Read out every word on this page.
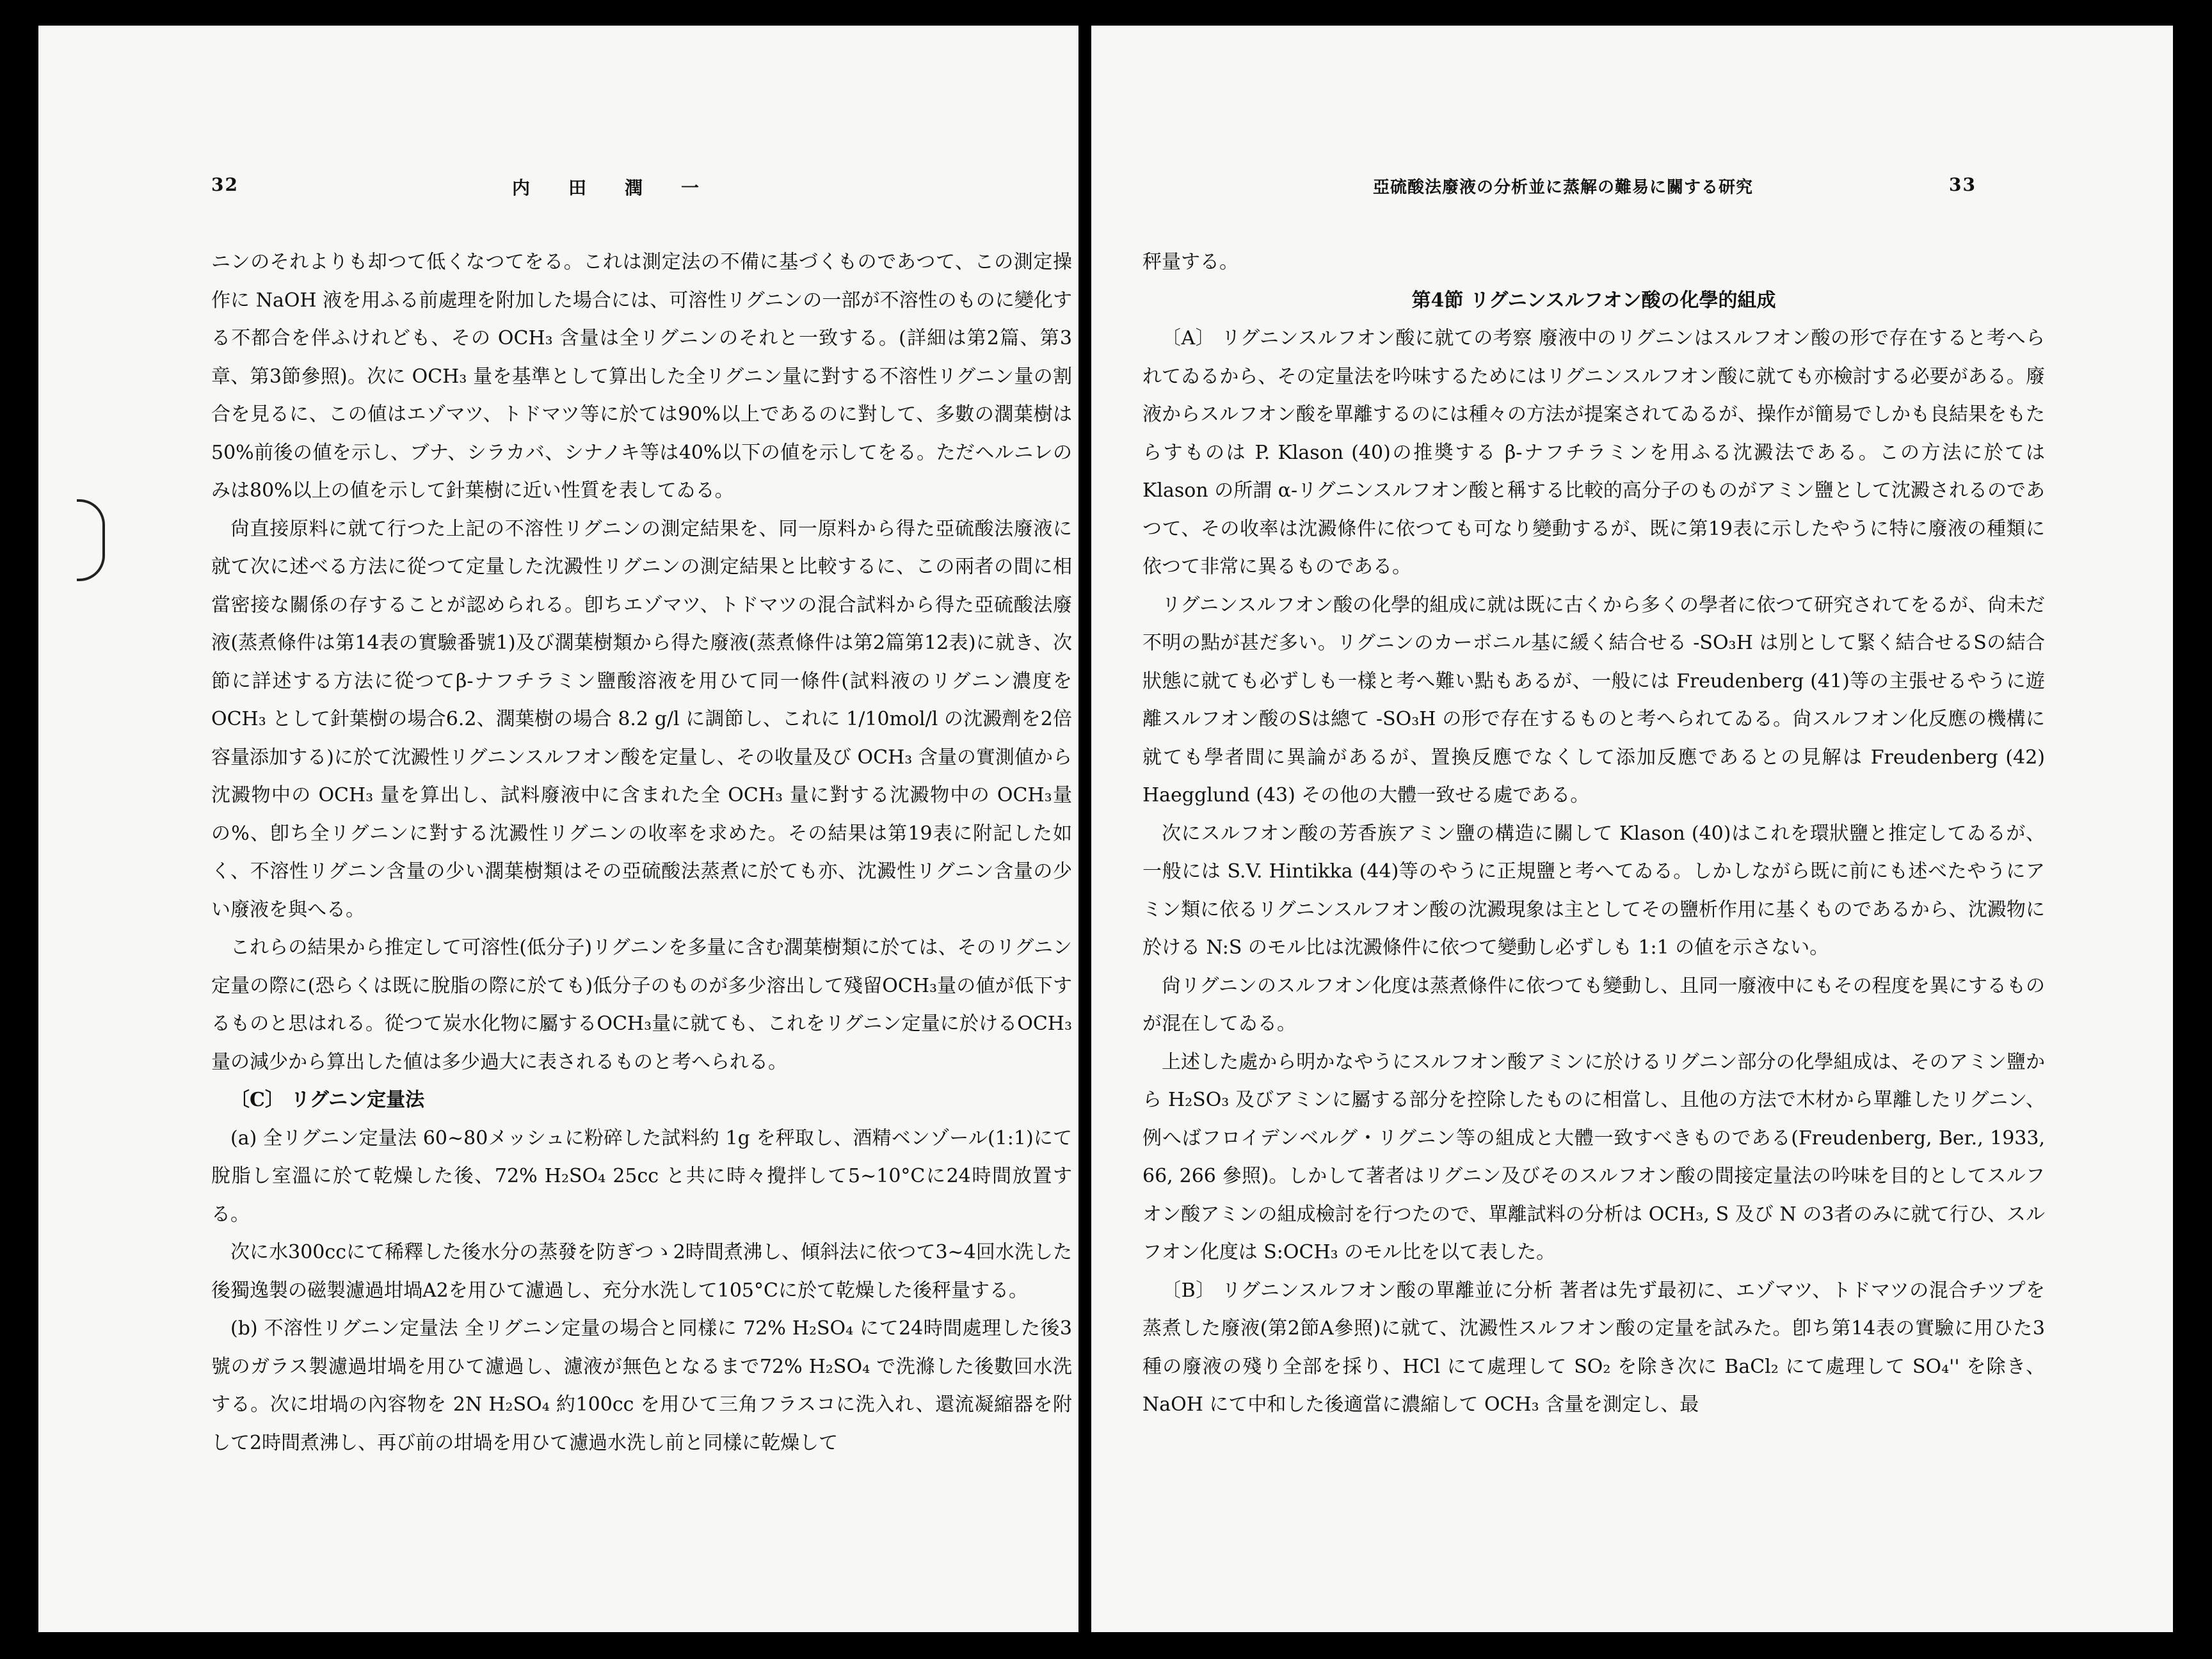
32	内田潤一

ニンのそれよりも却つて低くなつてをる。これは測定法の不備に基づくものであつて、この測定操作に NaOH 液を用ふる前處理を附加した場合には、可溶性リグニンの一部が不溶性のものに變化する不都合を伴ふけれども、その OCH₃ 含量は全リグニンのそれと一致する。(詳細は第2篇、第3章、第3節參照)。次に OCH₃ 量を基準として算出した全リグニン量に對する不溶性リグニン量の割合を見るに、この値はエゾマツ、トドマツ等に於ては90%以上であるのに對して、多數の濶葉樹は50%前後の値を示し、ブナ、シラカバ、シナノキ等は40%以下の値を示してをる。ただヘルニレのみは80%以上の値を示して針葉樹に近い性質を表してゐる。

尙直接原料に就て行つた上記の不溶性リグニンの測定結果を、同一原料から得た亞硫酸法廢液に就て次に述べる方法に從つて定量した沈澱性リグニンの測定結果と比較するに、この兩者の間に相當密接な關係の存することが認められる。卽ちエゾマツ、トドマツの混合試料から得た亞硫酸法廢液(蒸煮條件は第14表の實驗番號1)及び濶葉樹類から得た廢液(蒸煮條件は第2篇第12表)に就き、次節に詳述する方法に從つてβ-ナフチラミン鹽酸溶液を用ひて同一條件(試料液のリグニン濃度を OCH₃ として針葉樹の場合6.2、濶葉樹の場合 8.2 g/l に調節し、これに 1/10mol/l の沈澱劑を2倍容量添加する)に於て沈澱性リグニンスルフオン酸を定量し、その收量及び OCH₃ 含量の實測値から沈澱物中の OCH₃ 量を算出し、試料廢液中に含まれた全 OCH₃ 量に對する沈澱物中の OCH₃量の%、卽ち全リグニンに對する沈澱性リグニンの收率を求めた。その結果は第19表に附記した如く、不溶性リグニン含量の少い濶葉樹類はその亞硫酸法蒸煮に於ても亦、沈澱性リグニン含量の少い廢液を與へる。

これらの結果から推定して可溶性(低分子)リグニンを多量に含む濶葉樹類に於ては、そのリグニン定量の際に(恐らくは既に脫脂の際に於ても)低分子のものが多少溶出して殘留OCH₃量の値が低下するものと思はれる。從つて炭水化物に屬するOCH₃量に就ても、これをリグニン定量に於けるOCH₃量の減少から算出した値は多少過大に表されるものと考へられる。

〔C〕 リグニン定量法

(a) 全リグニン定量法 60~80メッシュに粉碎した試料約 1g を秤取し、酒精ベンゾール(1:1)にて脫脂し室溫に於て乾燥した後、72% H₂SO₄ 25cc と共に時々攪拌して5~10°Cに24時間放置する。

次に水300ccにて稀釋した後水分の蒸發を防ぎつゝ2時間煮沸し、傾斜法に依つて3~4回水洗した後獨逸製の磁製濾過坩堝A2を用ひて濾過し、充分水洗して105°Cに於て乾燥した後秤量する。

(b) 不溶性リグニン定量法 全リグニン定量の場合と同樣に 72% H₂SO₄ にて24時間處理した後3號のガラス製濾過坩堝を用ひて濾過し、濾液が無色となるまで72% H₂SO₄ で洗滌した後數回水洗する。次に坩堝の內容物を 2N H₂SO₄ 約100cc を用ひて三角フラスコに洗入れ、還流凝縮器を附して2時間煮沸し、再び前の坩堝を用ひて濾過水洗し前と同樣に乾燥して

亞硫酸法廢液の分析並に蒸解の難易に關する研究	33

秤量する。

第4節 リグニンスルフオン酸の化學的組成

〔A〕 リグニンスルフオン酸に就ての考察 廢液中のリグニンはスルフオン酸の形で存在すると考へられてゐるから、その定量法を吟味するためにはリグニンスルフオン酸に就ても亦檢討する必要がある。廢液からスルフオン酸を單離するのには種々の方法が提案されてゐるが、操作が簡易でしかも良結果をもたらすものは P. Klason (40)の推奬する β-ナフチラミンを用ふる沈澱法である。この方法に於ては Klason の所謂 α-リグニンスルフオン酸と稱する比較的高分子のものがアミン鹽として沈澱されるのであつて、その收率は沈澱條件に依つても可なり變動するが、既に第19表に示したやうに特に廢液の種類に依つて非常に異るものである。

リグニンスルフオン酸の化學的組成に就は既に古くから多くの學者に依つて研究されてをるが、尙未だ不明の點が甚だ多い。リグニンのカーボニル基に緩く結合せる -SO₃H は別として緊く結合せるSの結合狀態に就ても必ずしも一樣と考へ難い點もあるが、一般には Freudenberg (41)等の主張せるやうに遊離スルフオン酸のSは總て -SO₃H の形で存在するものと考へられてゐる。尙スルフオン化反應の機構に就ても學者間に異論があるが、置換反應でなくして添加反應であるとの見解は Freudenberg (42) Haegglund (43) その他の大體一致せる處である。

次にスルフオン酸の芳香族アミン鹽の構造に關して Klason (40)はこれを環狀鹽と推定してゐるが、一般には S.V. Hintikka (44)等のやうに正規鹽と考へてゐる。しかしながら既に前にも述べたやうにアミン類に依るリグニンスルフオン酸の沈澱現象は主としてその鹽析作用に基くものであるから、沈澱物に於ける N:S のモル比は沈澱條件に依つて變動し必ずしも 1:1 の値を示さない。

尙リグニンのスルフオン化度は蒸煮條件に依つても變動し、且同一廢液中にもその程度を異にするものが混在してゐる。

上述した處から明かなやうにスルフオン酸アミンに於けるリグニン部分の化學組成は、そのアミン鹽から H₂SO₃ 及びアミンに屬する部分を控除したものに相當し、且他の方法で木材から單離したリグニン、例へばフロイデンベルグ・リグニン等の組成と大體一致すべきものである(Freudenberg, Ber., 1933, 66, 266 參照)。しかして著者はリグニン及びそのスルフオン酸の間接定量法の吟味を目的としてスルフオン酸アミンの組成檢討を行つたので、單離試料の分析は OCH₃, S 及び N の3者のみに就て行ひ、スルフオン化度は S:OCH₃ のモル比を以て表した。

〔B〕 リグニンスルフオン酸の單離並に分析 著者は先ず最初に、エゾマツ、トドマツの混合チツプを蒸煮した廢液(第2節A參照)に就て、沈澱性スルフオン酸の定量を試みた。卽ち第14表の實驗に用ひた3種の廢液の殘り全部を採り、HCl にて處理して SO₂ を除き次に BaCl₂ にて處理して SO₄'' を除き、NaOH にて中和した後適當に濃縮して OCH₃ 含量を測定し、最
